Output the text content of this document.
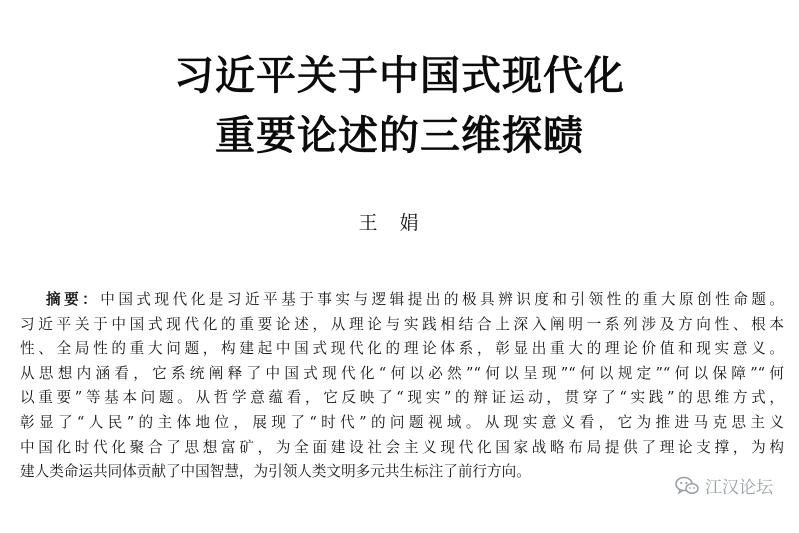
习近平关于中国式现代化
重要论述的三维探赜
王娟
摘要：中国式现代化是习近平基于事实与逻辑提出的极具辨识度和引领性的重大原创性命题。
习近平关于中国式现代化的重要论述，从理论与实践相结合上深入阐明一系列涉及方向性、根本
性、全局性的重大问题，构建起中国式现代化的理论体系，彰显出重大的理论价值和现实意义。
从思想内涵看，它系统阐释了中国式现代化“何以必然”“何以呈现”“何以规定”“何以保障”“何
以重要”等基本问题。从哲学意蕴看，它反映了“现实”的辩证运动，贯穿了“实践”的思维方式，
彰显了“人民”的主体地位，展现了“时代”的问题视域。从现实意义看，它为推进马克思主义
中国化时代化聚合了思想富矿，为全面建设社会主义现代化国家战略布局提供了理论支撑，为构
建人类命运共同体贡献了中国智慧，为引领人类文明多元共生标注了前行方向。
江汉论坛
